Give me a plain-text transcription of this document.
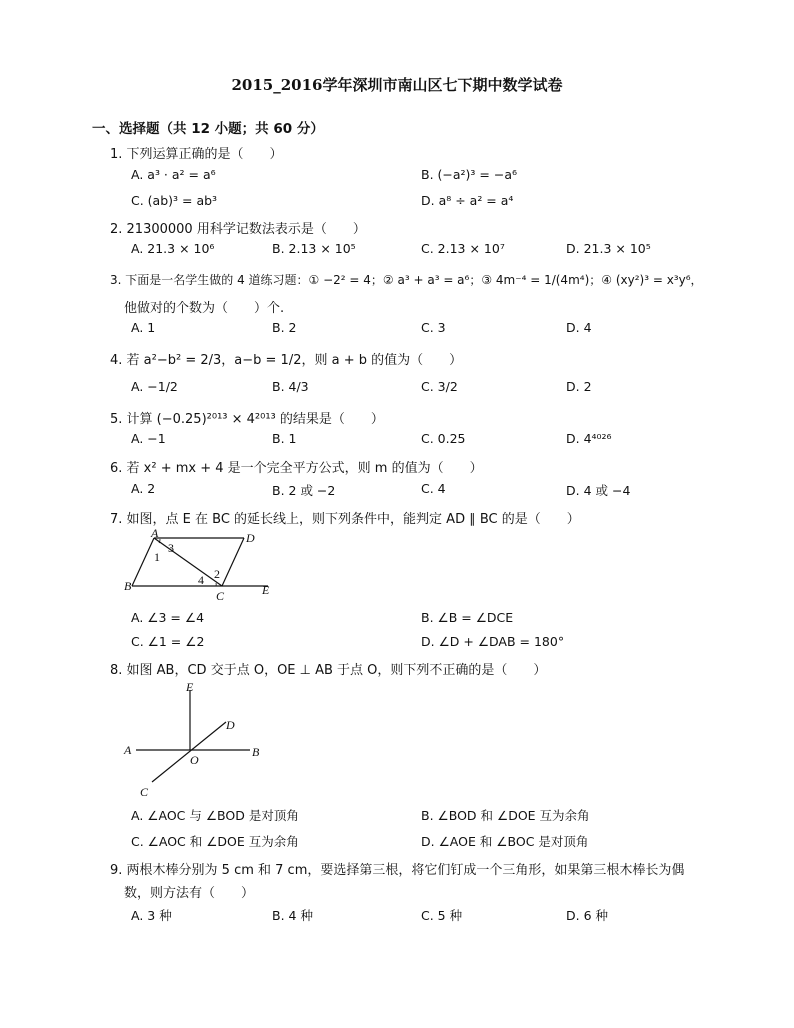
2015_2016学年深圳市南山区七下期中数学试卷
一、选择题（共 12 小题；共 60 分）
1. 下列运算正确的是（　　）
A. a³ · a² = a⁶	B. (−a²)³ = −a⁶
C. (ab)³ = ab³	D. a⁸ ÷ a² = a⁴
2. 21300000 用科学记数法表示是（　　）
A. 21.3 × 10⁶	B. 2.13 × 10⁵	C. 2.13 × 10⁷	D. 21.3 × 10⁵
3. 下面是一名学生做的 4 道练习题：① −2² = 4；② a³ + a³ = a⁶；③ 4m⁻⁴ = 1/(4m⁴)；④ (xy²)³ = x³y⁶，
他做对的个数为（　　）个.
A. 1	B. 2	C. 3	D. 4
4. 若 a²−b² = 2/3，a−b = 1/2，则 a + b 的值为（　　）
A. −1/2	B. 4/3	C. 3/2	D. 2
5. 计算 (−0.25)²⁰¹³ × 4²⁰¹³ 的结果是（　　）
A. −1	B. 1	C. 0.25	D. 4⁴⁰²⁶
6. 若 x² + mx + 4 是一个完全平方公式，则 m 的值为（　　）
A. 2	B. 2 或 −2	C. 4	D. 4 或 −4
7. 如图，点 E 在 BC 的延长线上，则下列条件中，能判定 AD ∥ BC 的是（　　）
A	D
B
C	E
1
2
3
4
A. ∠3 = ∠4	B. ∠B = ∠DCE
C. ∠1 = ∠2	D. ∠D + ∠DAB = 180°
8. 如图 AB，CD 交于点 O，OE ⊥ AB 于点 O，则下列不正确的是（　　）
E
D
A	B
O
C
A. ∠AOC 与 ∠BOD 是对顶角	B. ∠BOD 和 ∠DOE 互为余角
C. ∠AOC 和 ∠DOE 互为余角	D. ∠AOE 和 ∠BOC 是对顶角
9. 两根木棒分别为 5 cm 和 7 cm，要选择第三根，将它们钉成一个三角形，如果第三根木棒长为偶
数，则方法有（　　）
A. 3 种	B. 4 种	C. 5 种	D. 6 种
